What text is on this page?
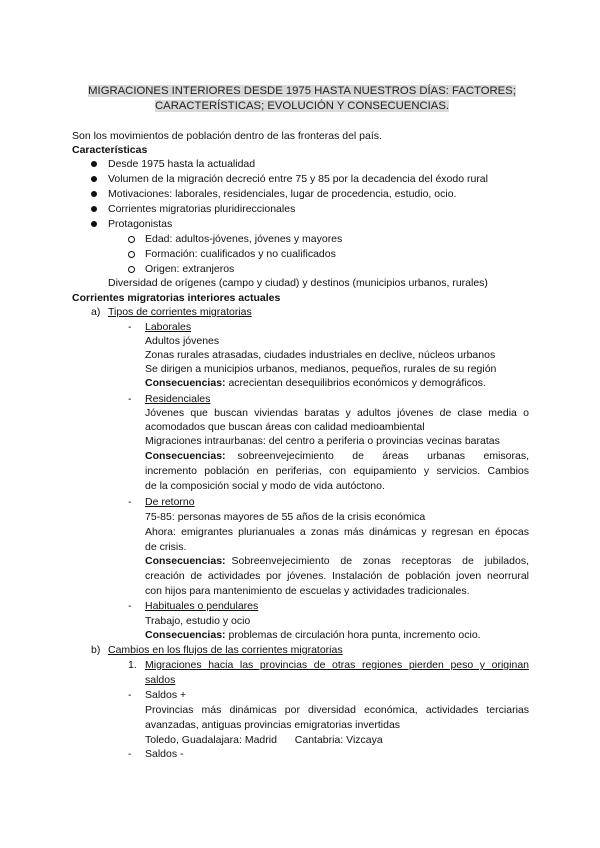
MIGRACIONES INTERIORES DESDE 1975 HASTA NUESTROS DÍAS: FACTORES;
CARACTERÍSTICAS; EVOLUCIÓN Y CONSECUENCIAS.
Son los movimientos de población dentro de las fronteras del país.
Características
Desde 1975 hasta la actualidad
Volumen de la migración decreció entre 75 y 85 por la decadencia del éxodo rural
Motivaciones: laborales, residenciales, lugar de procedencia, estudio, ocio.
Corrientes migratorias pluridireccionales
Protagonistas
Edad: adultos-jóvenes, jóvenes y mayores
Formación: cualificados y no cualificados
Origen: extranjeros
Diversidad de orígenes (campo y ciudad) y destinos (municipios urbanos, rurales)
Corrientes migratorias interiores actuales
a) Tipos de corrientes migratorias
- Laborales
Adultos jóvenes
Zonas rurales atrasadas, ciudades industriales en declive, núcleos urbanos
Se dirigen a municipios urbanos, medianos, pequeños, rurales de su región
Consecuencias: acrecientan desequilibrios económicos y demográficos.
- Residenciales
Jóvenes que buscan viviendas baratas y adultos jóvenes de clase media o
acomodados que buscan áreas con calidad medioambiental
Migraciones intraurbanas: del centro a periferia o provincias vecinas baratas
Consecuencias: sobreenvejecimiento de áreas urbanas emisoras,
incremento población en periferias, con equipamiento y servicios. Cambios
de la composición social y modo de vida autóctono.
- De retorno
75-85: personas mayores de 55 años de la crisis económica
Ahora: emigrantes plurianuales a zonas más dinámicas y regresan en épocas
de crisis.
Consecuencias: Sobreenvejecimiento de zonas receptoras de jubilados,
creación de actividades por jóvenes. Instalación de población joven neorrural
con hijos para mantenimiento de escuelas y actividades tradicionales.
- Habituales o pendulares
Trabajo, estudio y ocio
Consecuencias: problemas de circulación hora punta, incremento ocio.
b) Cambios en los flujos de las corrientes migratorias
1. Migraciones hacia las provincias de otras regiones pierden peso y originan
saldos
- Saldos +
Provincias más dinámicas por diversidad económica, actividades terciarias
avanzadas, antiguas provincias emigratorias invertidas
Toledo, Guadalajara: Madrid Cantabria: Vizcaya
- Saldos -
